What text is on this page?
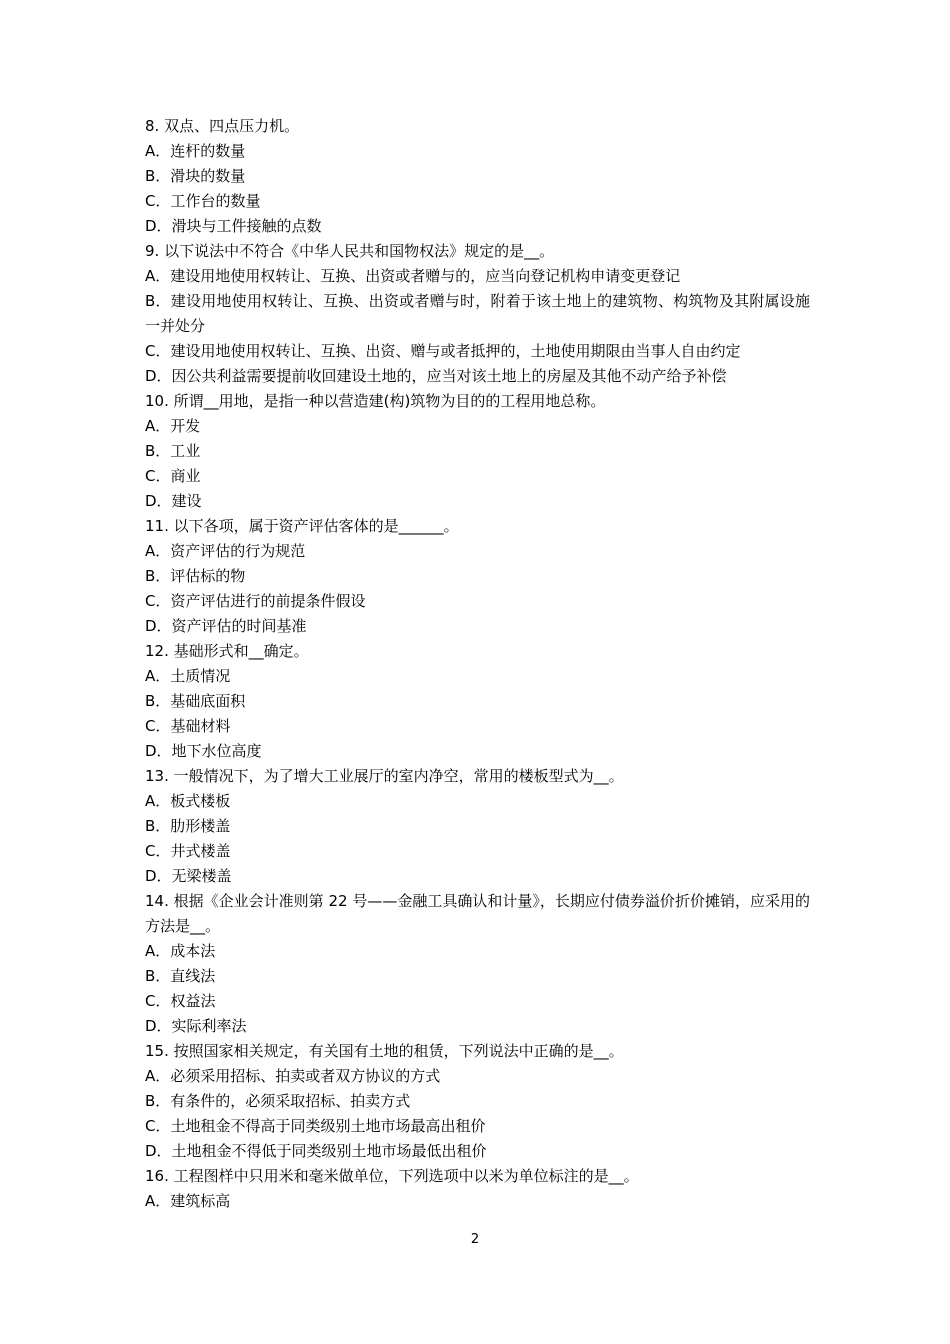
8. 双点、四点压力机。
A．连杆的数量
B．滑块的数量
C．工作台的数量
D．滑块与工件接触的点数
9. 以下说法中不符合《中华人民共和国物权法》规定的是__。
A．建设用地使用权转让、互换、出资或者赠与的，应当向登记机构申请变更登记
B．建设用地使用权转让、互换、出资或者赠与时，附着于该土地上的建筑物、构筑物及其附属设施一并处分
C．建设用地使用权转让、互换、出资、赠与或者抵押的，土地使用期限由当事人自由约定
D．因公共利益需要提前收回建设土地的，应当对该土地上的房屋及其他不动产给予补偿
10. 所谓__用地，是指一种以营造建(构)筑物为目的的工程用地总称。
A．开发
B．工业
C．商业
D．建设
11. 以下各项，属于资产评估客体的是______。
A．资产评估的行为规范
B．评估标的物
C．资产评估进行的前提条件假设
D．资产评估的时间基准
12. 基础形式和__确定。
A．土质情况
B．基础底面积
C．基础材料
D．地下水位高度
13. 一般情况下，为了增大工业展厅的室内净空，常用的楼板型式为__。
A．板式楼板
B．肋形楼盖
C．井式楼盖
D．无梁楼盖
14. 根据《企业会计准则第 22 号——金融工具确认和计量》，长期应付债券溢价折价摊销，应采用的方法是__。
A．成本法
B．直线法
C．权益法
D．实际利率法
15. 按照国家相关规定，有关国有土地的租赁，下列说法中正确的是__。
A．必须采用招标、拍卖或者双方协议的方式
B．有条件的，必须采取招标、拍卖方式
C．土地租金不得高于同类级别土地市场最高出租价
D．土地租金不得低于同类级别土地市场最低出租价
16. 工程图样中只用米和毫米做单位，下列选项中以米为单位标注的是__。
A．建筑标高
2
